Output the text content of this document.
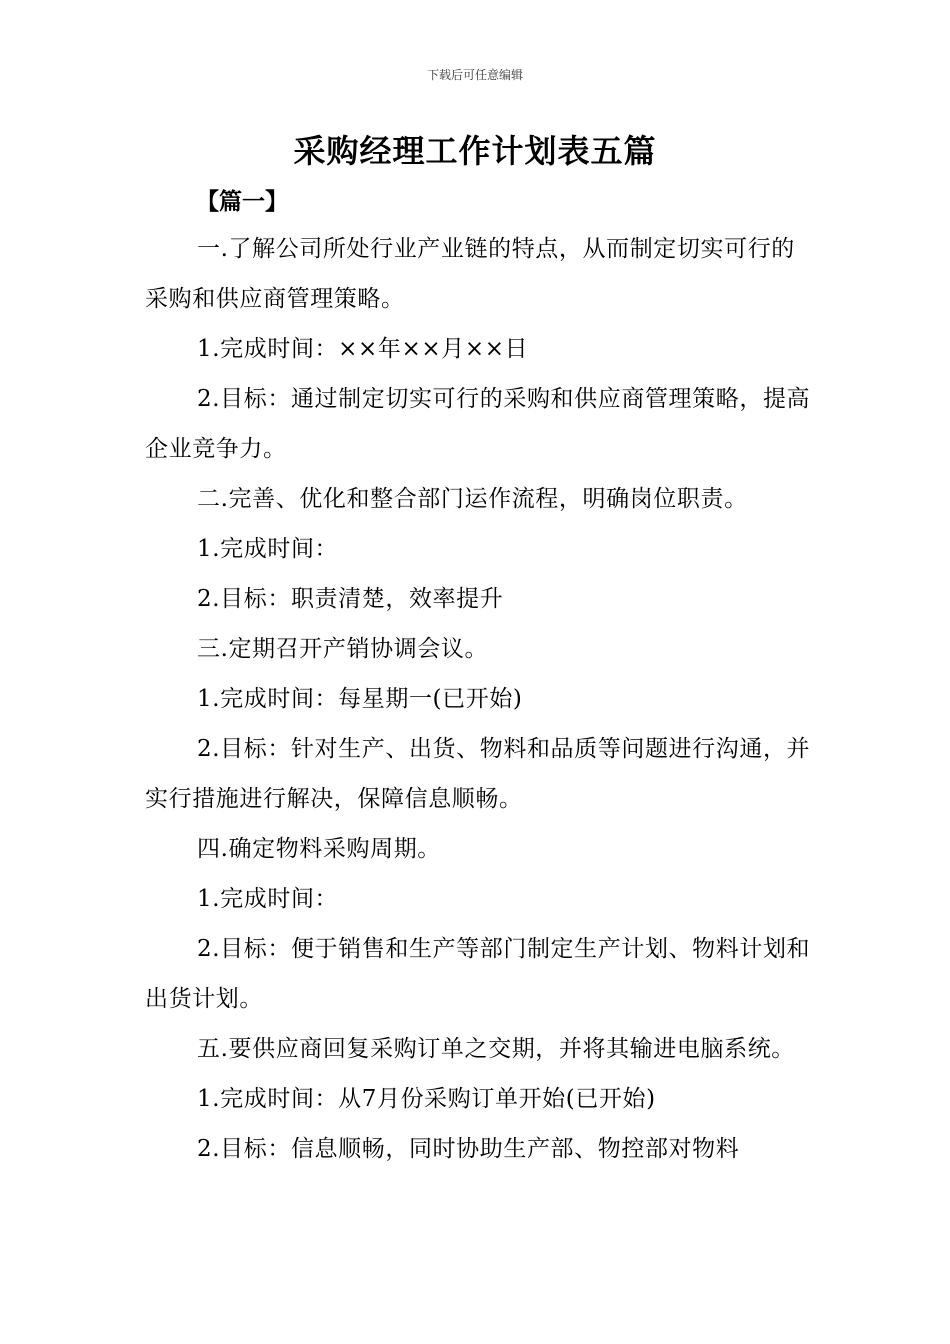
下载后可任意编辑
采购经理工作计划表五篇
【篇一】

一.了解公司所处行业产业链的特点，从而制定切实可行的采购和供应商管理策略。

1.完成时间：××年××月××日

2.目标：通过制定切实可行的采购和供应商管理策略，提高企业竞争力。

二.完善、优化和整合部门运作流程，明确岗位职责。

1.完成时间：

2.目标：职责清楚，效率提升

三.定期召开产销协调会议。

1.完成时间：每星期一(已开始)

2.目标：针对生产、出货、物料和品质等问题进行沟通，并实行措施进行解决，保障信息顺畅。

四.确定物料采购周期。

1.完成时间：

2.目标：便于销售和生产等部门制定生产计划、物料计划和出货计划。

五.要供应商回复采购订单之交期，并将其输进电脑系统。

1.完成时间：从7月份采购订单开始(已开始)

2.目标：信息顺畅，同时协助生产部、物控部对物料
